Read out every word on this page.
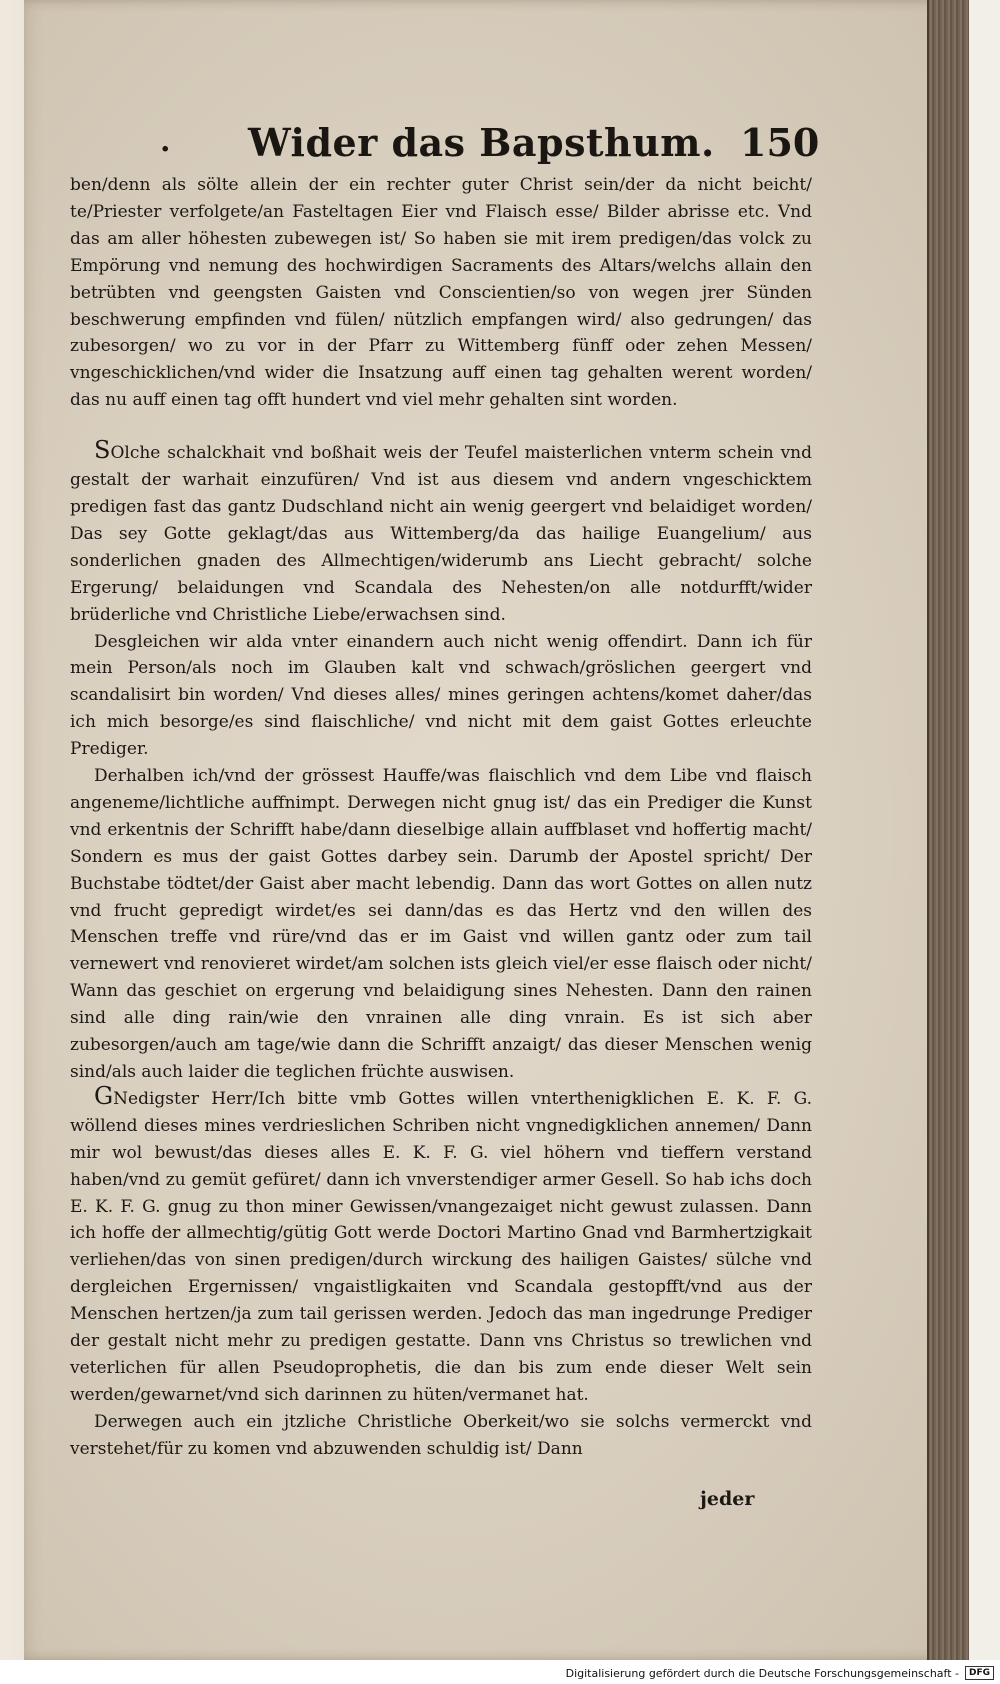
. Wider das Bapsthum. 150

ben/denn als sölte allein der ein rechter guter Christ sein/der da nicht beicht/ te/Priester verfolgete/an Fasteltagen Eier vnd Flaisch esse/ Bilder abrisse etc. Vnd das am aller höhesten zubewegen ist/ So haben sie mit irem predigen/das volck zu Empörung vnd nemung des hochwirdigen Sacraments des Altars/welchs allain den betrübten vnd geengsten Gaisten vnd Conscientien/so von wegen jrer Sünden beschwerung empfinden vnd fülen/ nützlich empfangen wird/ also gedrungen/ das zubesorgen/ wo zu vor in der Pfarr zu Wittemberg fünff oder zehen Messen/ vngeschicklichen/vnd wider die Insatzung auff einen tag gehalten werent worden/ das nu auff einen tag offt hundert vnd viel mehr gehalten sint worden.

SOlche schalckhait vnd boßhait weis der Teufel maisterlichen vnterm schein vnd gestalt der warhait einzufüren/ Vnd ist aus diesem vnd andern vngeschicktem predigen fast das gantz Dudschland nicht ain wenig geergert vnd belaidiget worden/ Das sey Gotte geklagt/das aus Wittemberg/da das hailige Euangelium/ aus sonderlichen gnaden des Allmechtigen/widerumb ans Liecht gebracht/ solche Ergerung/ belaidungen vnd Scandala des Nehesten/on alle notdurfft/wider brüderliche vnd Christliche Liebe/erwachsen sind.

Desgleichen wir alda vnter einandern auch nicht wenig offendirt. Dann ich für mein Person/als noch im Glauben kalt vnd schwach/gröslichen geergert vnd scandalisirt bin worden/ Vnd dieses alles/ mines geringen achtens/komet daher/das ich mich besorge/es sind flaischliche/ vnd nicht mit dem gaist Gottes erleuchte Prediger.

Derhalben ich/vnd der grössest Hauffe/was flaischlich vnd dem Libe vnd flaisch angeneme/lichtliche auffnimpt. Derwegen nicht gnug ist/ das ein Prediger die Kunst vnd erkentnis der Schrifft habe/dann dieselbige allain auffblaset vnd hoffertig macht/ Sondern es mus der gaist Gottes darbey sein. Darumb der Apostel spricht/ Der Buchstabe tödtet/der Gaist aber macht lebendig. Dann das wort Gottes on allen nutz vnd frucht gepredigt wirdet/es sei dann/das es das Hertz vnd den willen des Menschen treffe vnd rüre/vnd das er im Gaist vnd willen gantz oder zum tail vernewert vnd renovieret wirdet/am solchen ists gleich viel/er esse flaisch oder nicht/ Wann das geschiet on ergerung vnd belaidigung sines Nehesten. Dann den rainen sind alle ding rain/wie den vnrainen alle ding vnrain. Es ist sich aber zubesorgen/auch am tage/wie dann die Schrifft anzaigt/ das dieser Menschen wenig sind/als auch laider die teglichen früchte auswisen.

GNedigster Herr/Ich bitte vmb Gottes willen vnterthenigklichen E. K. F. G. wöllend dieses mines verdrieslichen Schriben nicht vngnedigklichen annemen/ Dann mir wol bewust/das dieses alles E. K. F. G. viel höhern vnd tieffern verstand haben/vnd zu gemüt gefüret/ dann ich vnverstendiger armer Gesell. So hab ichs doch E. K. F. G. gnug zu thon miner Gewissen/vnangezaiget nicht gewust zulassen. Dann ich hoffe der allmechtig/gütig Gott werde Doctori Martino Gnad vnd Barmhertzigkait verliehen/das von sinen predigen/durch wirckung des hailigen Gaistes/ sülche vnd dergleichen Ergernissen/ vngaistligkaiten vnd Scandala gestopfft/vnd aus der Menschen hertzen/ja zum tail gerissen werden. Jedoch das man ingedrunge Prediger der gestalt nicht mehr zu predigen gestatte. Dann vns Christus so trewlichen vnd veterlichen für allen Pseudoprophetis, die dan bis zum ende dieser Welt sein werden/gewarnet/vnd sich darinnen zu hüten/vermanet hat.

Derwegen auch ein jtzliche Christliche Oberkeit/wo sie solchs vermerckt vnd verstehet/für zu komen vnd abzuwenden schuldig ist/ Dann

jeder
Digitalisierung gefördert durch die Deutsche Forschungsgemeinschaft -	DFG
